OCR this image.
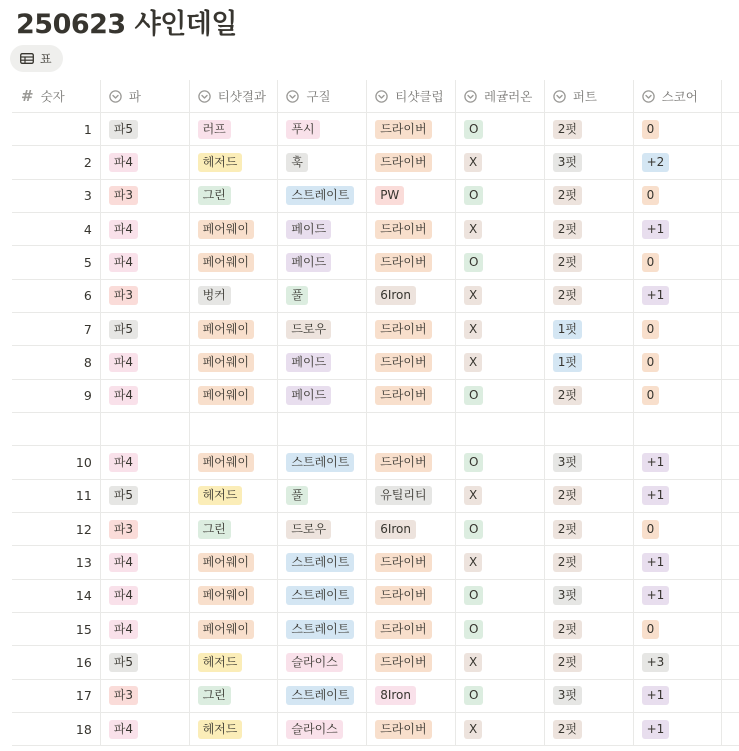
250623 샤인데일
표
# 숫자	파	티샷결과	구질	티샷클럽	레귤러온	퍼트	스코어
1	파5	러프	푸시	드라이버	O	2펏	0
2	파4	헤저드	훅	드라이버	X	3펏	+2
3	파3	그린	스트레이트	PW	O	2펏	0
4	파4	페어웨이	페이드	드라이버	X	2펏	+1
5	파4	페어웨이	페이드	드라이버	O	2펏	0
6	파3	벙커	풀	6Iron	X	2펏	+1
7	파5	페어웨이	드로우	드라이버	X	1펏	0
8	파4	페어웨이	페이드	드라이버	X	1펏	0
9	파4	페어웨이	페이드	드라이버	O	2펏	0
10	파4	페어웨이	스트레이트	드라이버	O	3펏	+1
11	파5	헤저드	풀	유틸리티	X	2펏	+1
12	파3	그린	드로우	6Iron	O	2펏	0
13	파4	페어웨이	스트레이트	드라이버	X	2펏	+1
14	파4	페어웨이	스트레이트	드라이버	O	3펏	+1
15	파4	페어웨이	스트레이트	드라이버	O	2펏	0
16	파5	헤저드	슬라이스	드라이버	X	2펏	+3
17	파3	그린	스트레이트	8Iron	O	3펏	+1
18	파4	헤저드	슬라이스	드라이버	X	2펏	+1
